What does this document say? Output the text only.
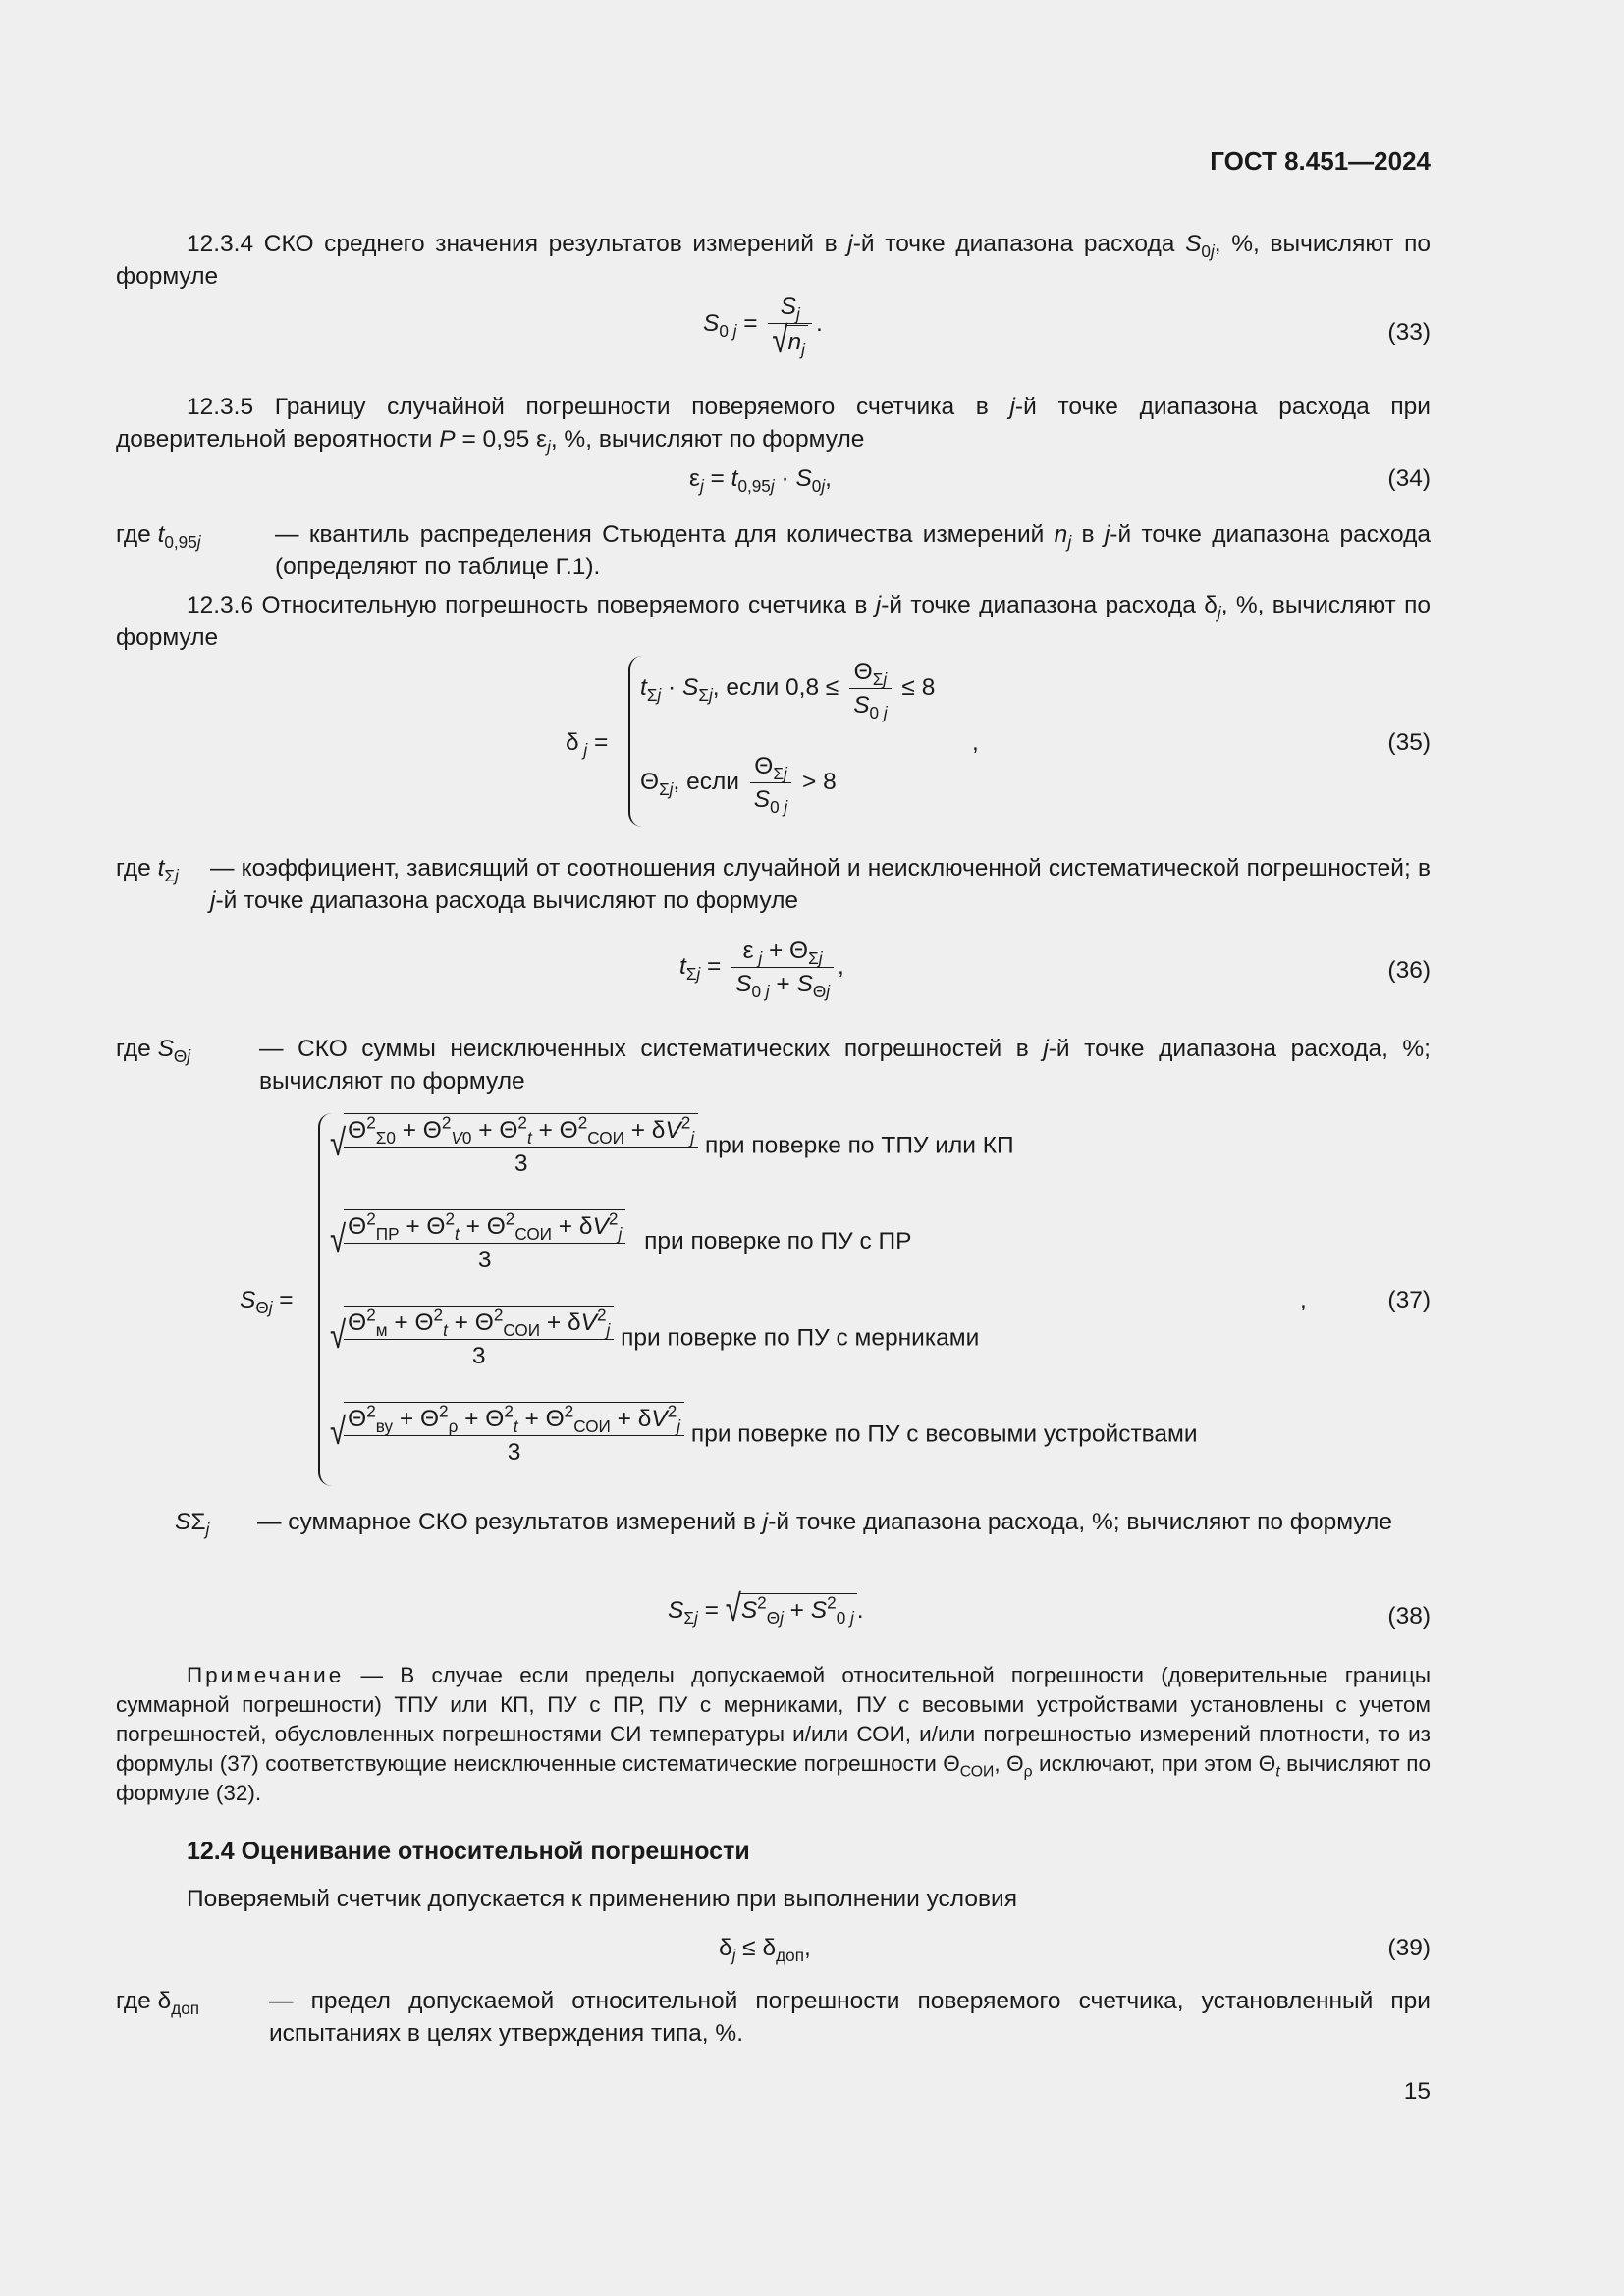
ГОСТ 8.451—2024
12.3.4 СКО среднего значения результатов измерений в j-й точке диапазона расхода $S_{0j}$, %, вычисляют по формуле
$S_{0 j} = \frac{S_j}{√n_j}$ .	(33)
12.3.5 Границу случайной погрешности поверяемого счетчика в j-й точке диапазона расхода при доверительной вероятности P = 0,95 $\varepsilon_j$, %, вычисляют по формуле
$\varepsilon_j = t_{0,95j} \cdot S_{0j}$,	(34)
где $t_{0,95j}$	— квантиль распределения Стьюдента для количества измерений $n_j$ в j-й точке диапазона расхода (определяют по таблице Г.1).
12.3.6 Относительную погрешность поверяемого счетчика в j-й точке диапазона расхода $\delta_j$, %, вычисляют по формуле
δ $_j$ =
$t_{\Sigma j} \cdot S_{\Sigma j}$, если $0,8 \le \frac{\Theta_{\Sigma j}}{S_{0 j}} \le 8$
$\Theta_{\Sigma j}$, если $\frac{\Theta_{\Sigma j}}{S_{0 j}} > 8$
,	(35)
где $t_{\Sigma j}$ — коэффициент, зависящий от соотношения случайной и неисключенной систематической погрешностей; в j-й точке диапазона расхода вычисляют по формуле
$t_{\Sigma j} = \frac{\varepsilon _j + \Theta_{\Sigma j}}{S_{0 j} + S_{\Theta j}}$ ,	(36)
где $S_{\Theta j}$	— СКО суммы неисключенных систематических погрешностей в j-й точке диапазона расхода, %; вычисляют по формуле
$S_{\Theta j}$ =
√
$\frac{\Theta^2_{\Sigma 0} + \Theta^2_{V0} + \Theta^2_t + \Theta^2_{СОИ} + \delta V^2_j}{3}$ при поверке по ТПУ или КП
√
$\frac{\Theta^2_{ПР} + \Theta^2_t + \Theta^2_{СОИ} + \delta V^2_j}{3}$ при поверке по ПУ с ПР
√
$\frac{\Theta^2_м + \Theta^2_t + \Theta^2_{СОИ} + \delta V^2_j}{3}$ при поверке по ПУ с мерниками
√
$\frac{\Theta^2_{ву} + \Theta^2_\rho + \Theta^2_t + \Theta^2_{СОИ} + \delta V^2_j}{3}$ при поверке по ПУ с весовыми устройствами
,	(37)
$S\Sigma_j$ — суммарное СКО результатов измерений в j-й точке диапазона расхода, %; вычисляют по формуле
$S_{\Sigma j} = √S^2_{\Theta j} + S^2_{0 j}$ .	(38)
Примечание — В случае если пределы допускаемой относительной погрешности (доверительные границы суммарной погрешности) ТПУ или КП, ПУ с ПР, ПУ с мерниками, ПУ с весовыми устройствами установлены с учетом погрешностей, обусловленных погрешностями СИ температуры и/или СОИ, и/или погрешностью измерений плотности, то из формулы (37) соответствующие неисключенные систематические погрешности $\Theta_{СОИ}$, $\Theta_\rho$ исключают, при этом $\Theta_t$ вычисляют по формуле (32).
12.4 Оценивание относительной погрешности
Поверяемый счетчик допускается к применению при выполнении условия
$\delta_j \le \delta_{доп}$,	(39)
где $\delta_{доп}$	— предел допускаемой относительной погрешности поверяемого счетчика, установленный при испытаниях в целях утверждения типа, %.
15
